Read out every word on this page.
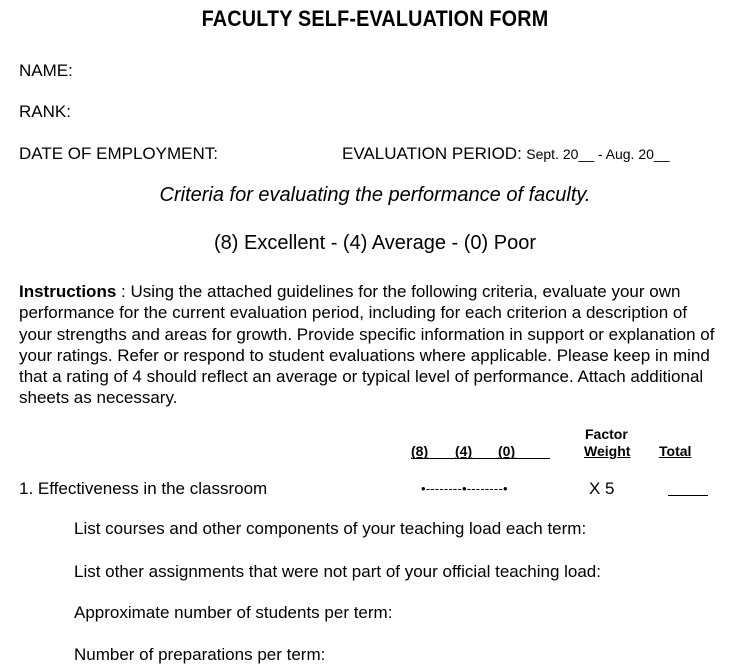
FACULTY SELF-EVALUATION FORM
NAME:
RANK:
DATE OF EMPLOYMENT:	EVALUATION PERIOD: Sept. 20__ - Aug. 20__
Criteria for evaluating the performance of faculty.
(8) Excellent - (4) Average - (0) Poor
Instructions : Using the attached guidelines for the following criteria, evaluate your own performance for the current evaluation period, including for each criterion a description of your strengths and areas for growth. Provide specific information in support or explanation of your ratings. Refer or respond to student evaluations where applicable. Please keep in mind that a rating of 4 should reflect an average or typical level of performance. Attach additional sheets as necessary.
Factor
(8) (4) (0)	Weight Total
1. Effectiveness in the classroom	•--------•--------•	X 5
List courses and other components of your teaching load each term:
List other assignments that were not part of your official teaching load:
Approximate number of students per term:
Number of preparations per term:
